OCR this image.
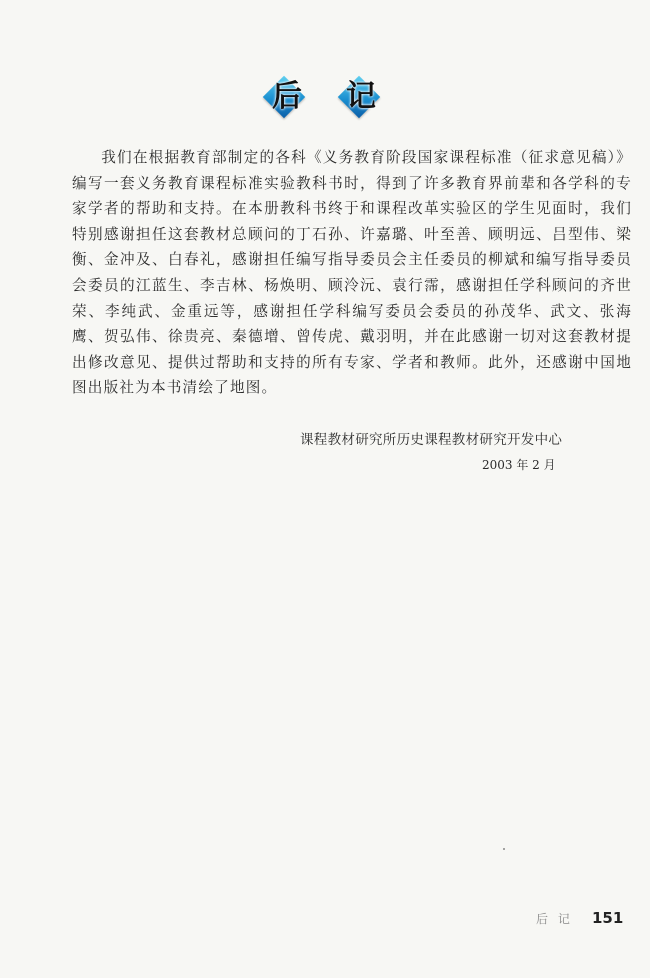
后 记

我们在根据教育部制定的各科《义务教育阶段国家课程标准（征求意见稿）》编写一套义务教育课程标准实验教科书时，得到了许多教育界前辈和各学科的专家学者的帮助和支持。在本册教科书终于和课程改革实验区的学生见面时，我们特别感谢担任这套教材总顾问的丁石孙、许嘉璐、叶至善、顾明远、吕型伟、梁衡、金冲及、白春礼，感谢担任编写指导委员会主任委员的柳斌和编写指导委员会委员的江蓝生、李吉林、杨焕明、顾泠沅、袁行霈，感谢担任学科顾问的齐世荣、李纯武、金重远等，感谢担任学科编写委员会委员的孙茂华、武文、张海鹰、贺弘伟、徐贵亮、秦德增、曾传虎、戴羽明，并在此感谢一切对这套教材提出修改意见、提供过帮助和支持的所有专家、学者和教师。此外，还感谢中国地图出版社为本书清绘了地图。

课程教材研究所历史课程教材研究开发中心
2003 年 2 月
后 记 151
